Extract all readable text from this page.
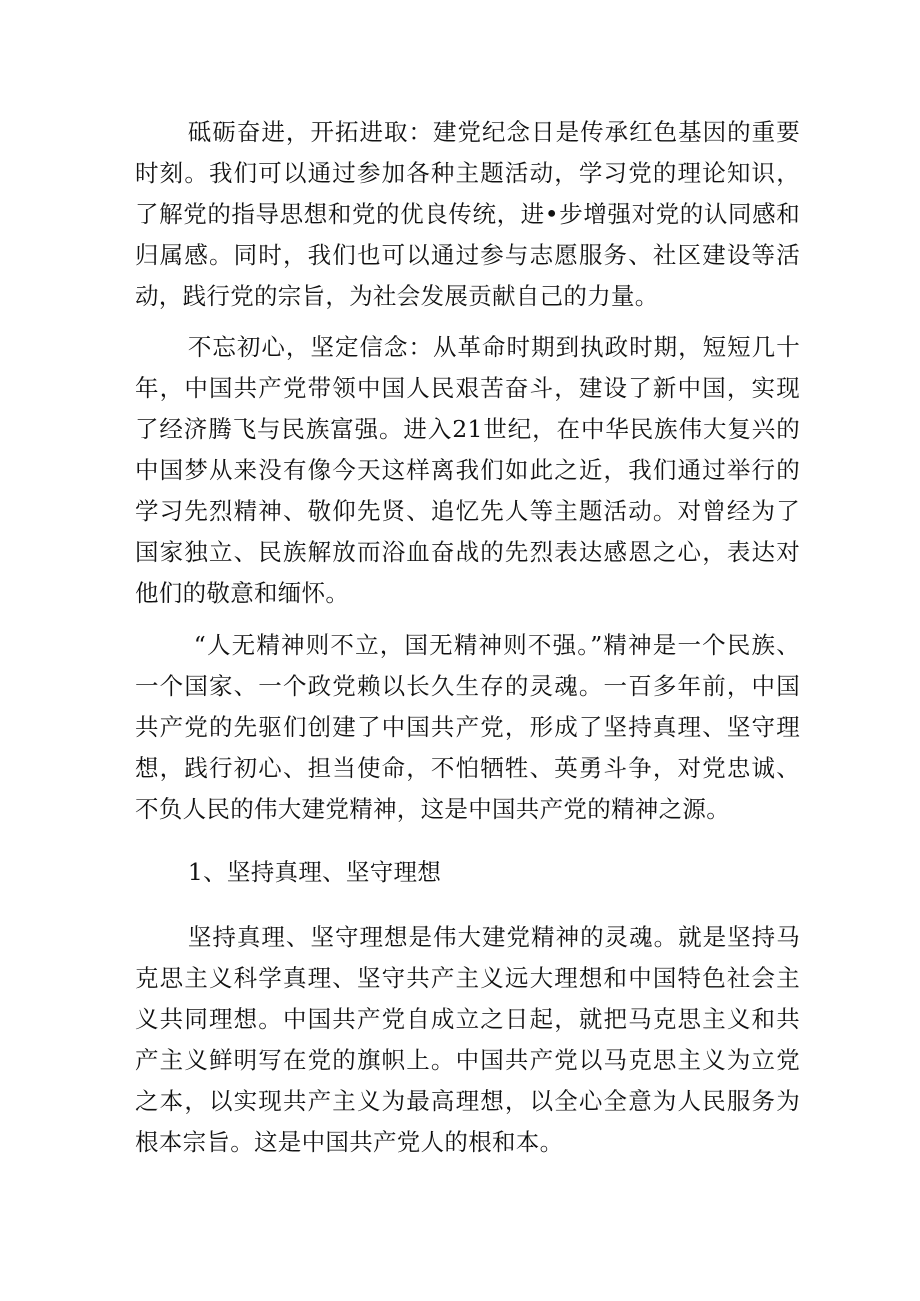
砥砺奋进，开拓进取：建党纪念日是传承红色基因的重要时刻。我们可以通过参加各种主题活动，学习党的理论知识，了解党的指导思想和党的优良传统，进•步增强对党的认同感和归属感。同时，我们也可以通过参与志愿服务、社区建设等活动，践行党的宗旨，为社会发展贡献自己的力量。

不忘初心，坚定信念：从革命时期到执政时期，短短几十年，中国共产党带领中国人民艰苦奋斗，建设了新中国，实现了经济腾飞与民族富强。进入21世纪，在中华民族伟大复兴的中国梦从来没有像今天这样离我们如此之近，我们通过举行的学习先烈精神、敬仰先贤、追忆先人等主题活动。对曾经为了国家独立、民族解放而浴血奋战的先烈表达感恩之心，表达对他们的敬意和缅怀。

“人无精神则不立，国无精神则不强。”精神是一个民族、一个国家、一个政党赖以长久生存的灵魂。一百多年前，中国共产党的先驱们创建了中国共产党，形成了坚持真理、坚守理想，践行初心、担当使命，不怕牺牲、英勇斗争，对党忠诚、不负人民的伟大建党精神，这是中国共产党的精神之源。

1、坚持真理、坚守理想

坚持真理、坚守理想是伟大建党精神的灵魂。就是坚持马克思主义科学真理、坚守共产主义远大理想和中国特色社会主义共同理想。中国共产党自成立之日起，就把马克思主义和共产主义鲜明写在党的旗帜上。中国共产党以马克思主义为立党之本，以实现共产主义为最高理想，以全心全意为人民服务为根本宗旨。这是中国共产党人的根和本。
